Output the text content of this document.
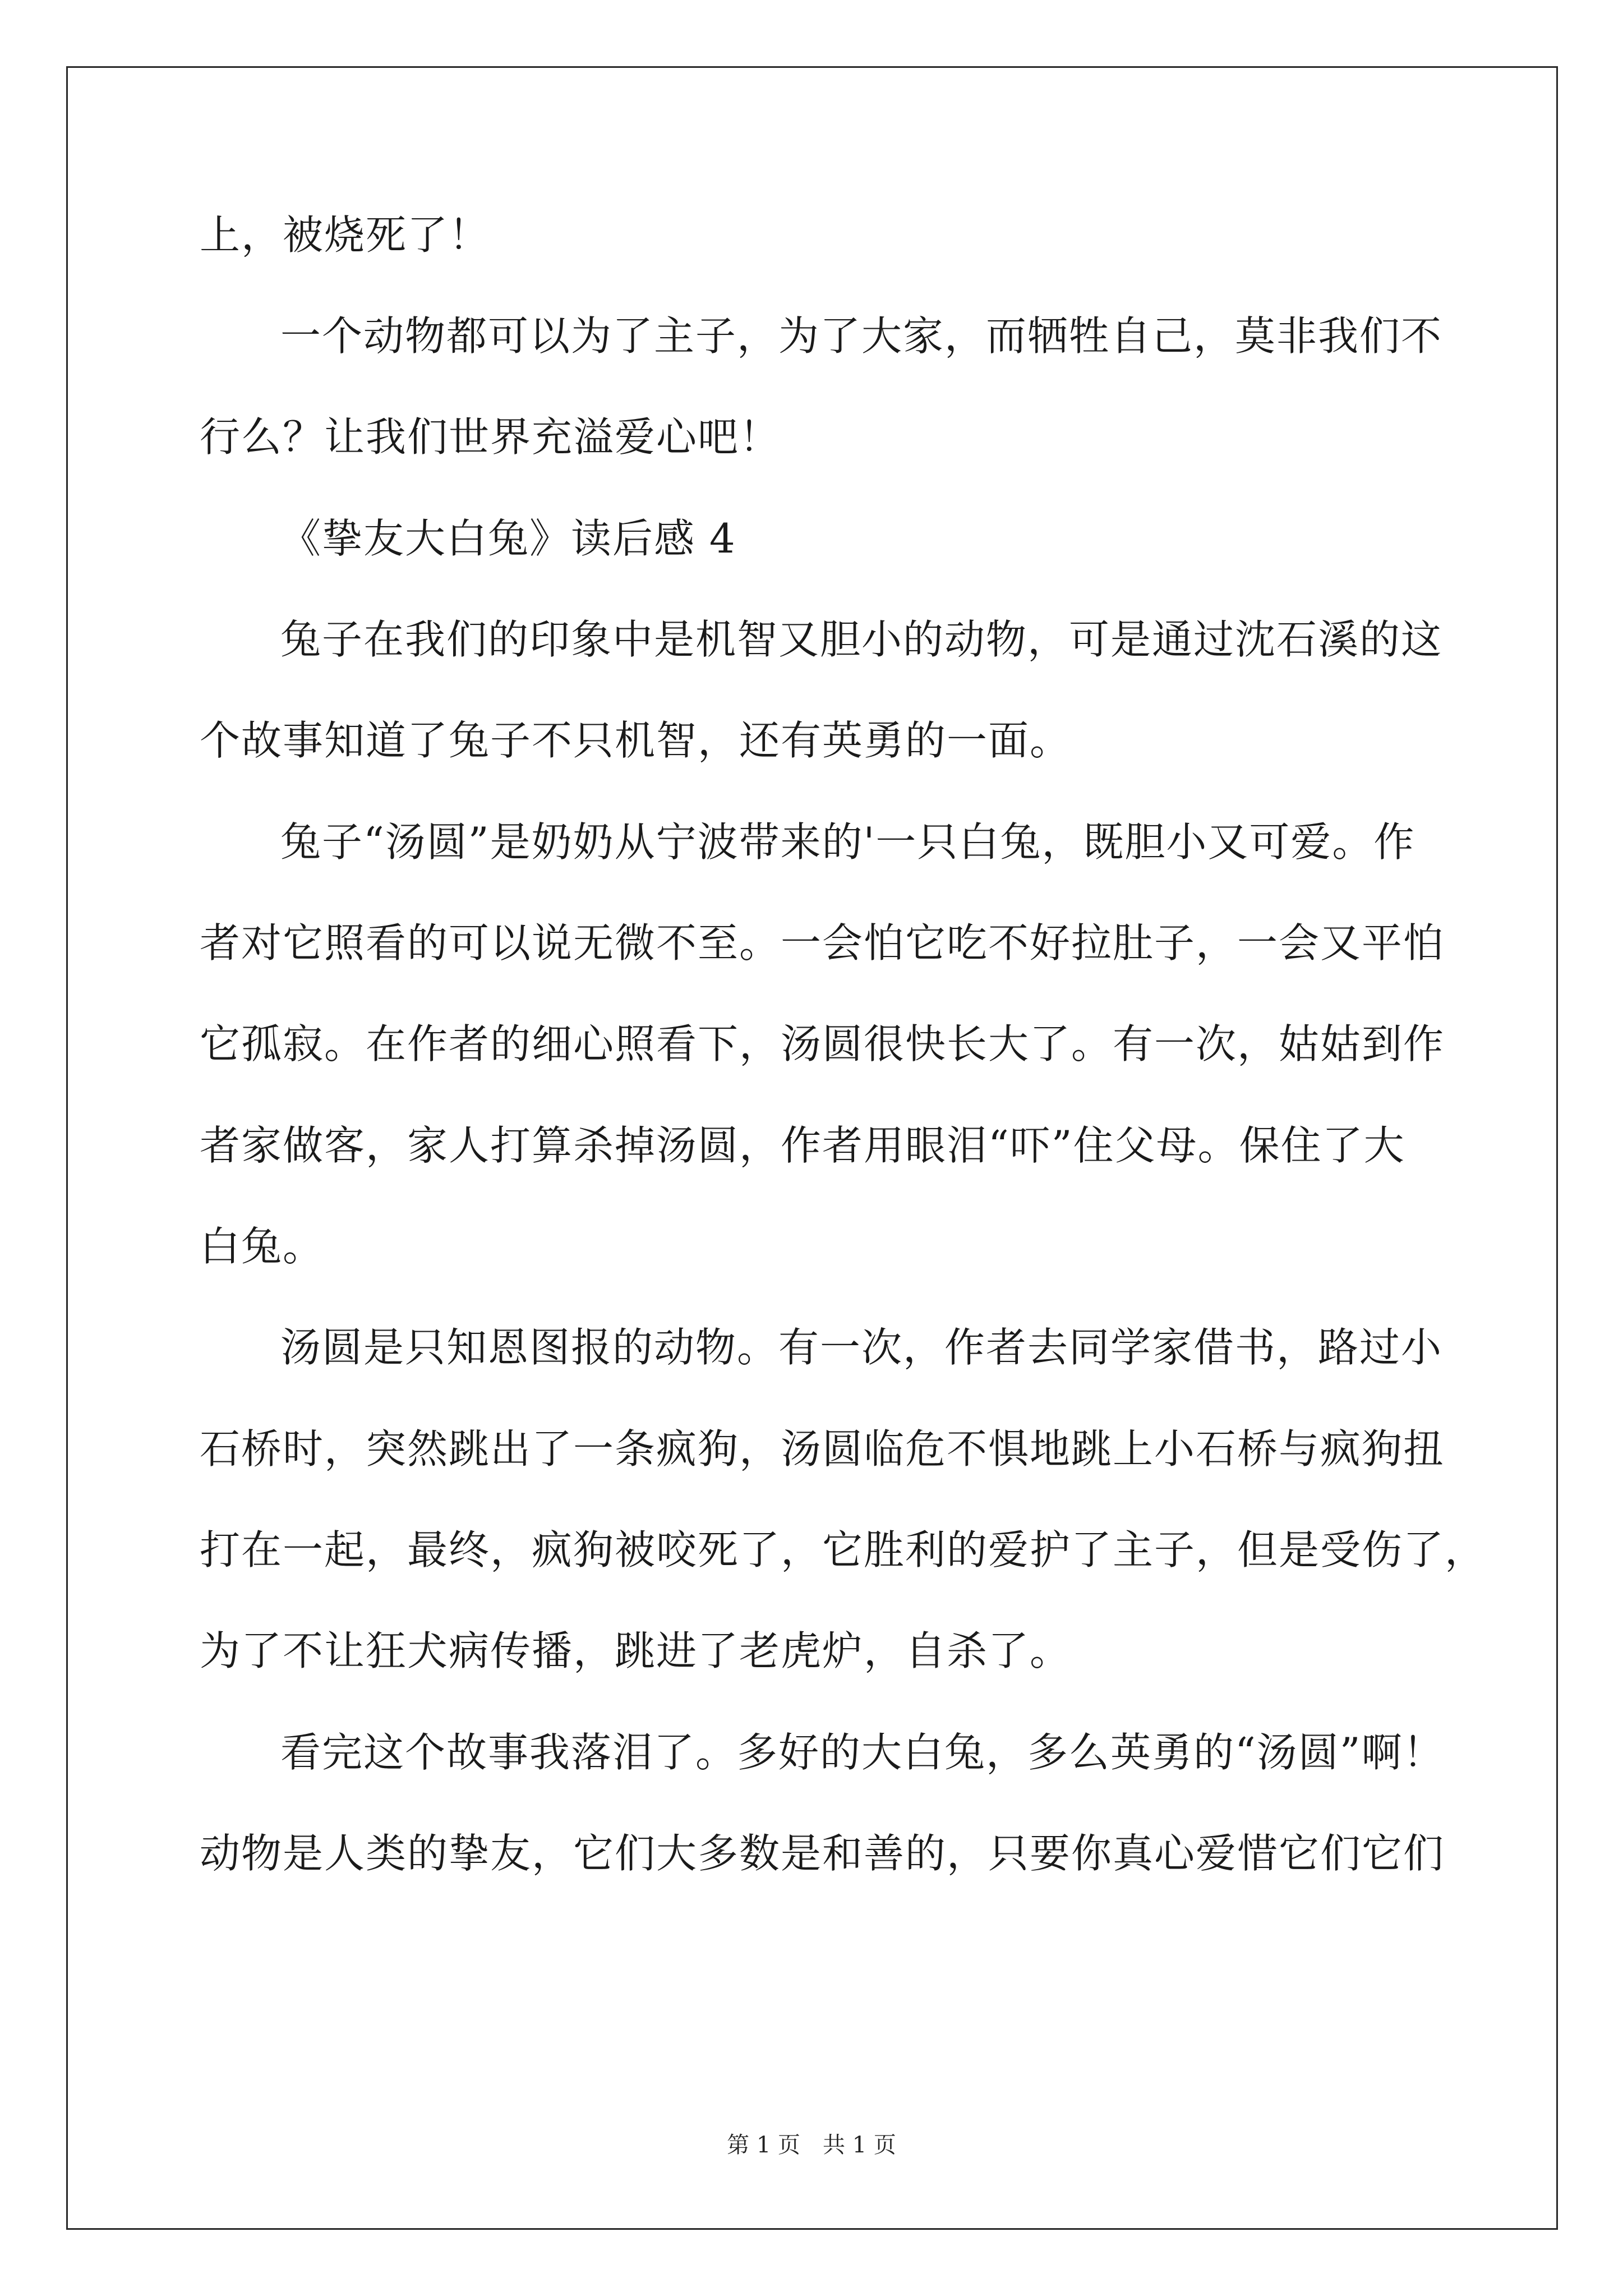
上，被烧死了！
一个动物都可以为了主子，为了大家，而牺牲自己，莫非我们不
行么？让我们世界充溢爱心吧！
《挚友大白兔》读后感 4
兔子在我们的印象中是机智又胆小的动物，可是通过沈石溪的这
个故事知道了兔子不只机智，还有英勇的一面。
兔子“汤圆”是奶奶从宁波带来的'一只白兔，既胆小又可爱。作
者对它照看的可以说无微不至。一会怕它吃不好拉肚子，一会又平怕
它孤寂。在作者的细心照看下，汤圆很快长大了。有一次，姑姑到作
者家做客，家人打算杀掉汤圆，作者用眼泪“吓”住父母。保住了大
白兔。
汤圆是只知恩图报的动物。有一次，作者去同学家借书，路过小
石桥时，突然跳出了一条疯狗，汤圆临危不惧地跳上小石桥与疯狗扭
打在一起，最终，疯狗被咬死了，它胜利的爱护了主子，但是受伤了，
为了不让狂犬病传播，跳进了老虎炉，自杀了。
看完这个故事我落泪了。多好的大白兔，多么英勇的“汤圆”啊！
动物是人类的挚友，它们大多数是和善的，只要你真心爱惜它们它们
第 1 页　共 1 页
